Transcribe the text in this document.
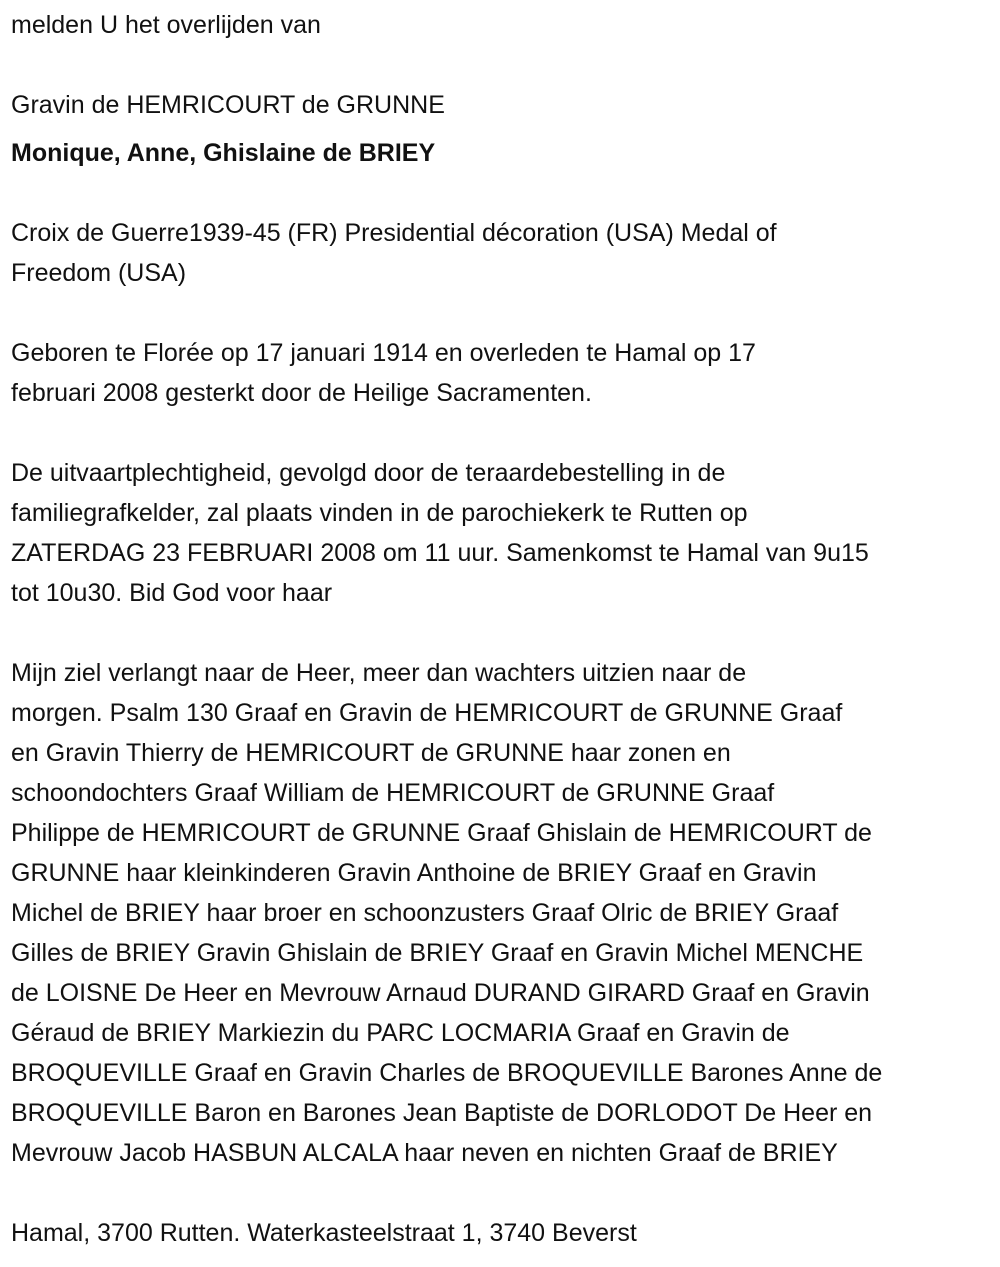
melden U het overlijden van
Gravin de HEMRICOURT de GRUNNE
Monique, Anne, Ghislaine de BRIEY
Croix de Guerre1939-45 (FR) Presidential décoration (USA) Medal of
Freedom (USA)
Geboren te Florée op 17 januari 1914 en overleden te Hamal op 17
februari 2008 gesterkt door de Heilige Sacramenten.
De uitvaartplechtigheid, gevolgd door de teraardebestelling in de
familiegrafkelder, zal plaats vinden in de parochiekerk te Rutten op
ZATERDAG 23 FEBRUARI 2008 om 11 uur. Samenkomst te Hamal van 9u15
tot 10u30. Bid God voor haar
Mijn ziel verlangt naar de Heer, meer dan wachters uitzien naar de
morgen. Psalm 130 Graaf en Gravin de HEMRICOURT de GRUNNE Graaf
en Gravin Thierry de HEMRICOURT de GRUNNE haar zonen en
schoondochters Graaf William de HEMRICOURT de GRUNNE Graaf
Philippe de HEMRICOURT de GRUNNE Graaf Ghislain de HEMRICOURT de
GRUNNE haar kleinkinderen Gravin Anthoine de BRIEY Graaf en Gravin
Michel de BRIEY haar broer en schoonzusters Graaf Olric de BRIEY Graaf
Gilles de BRIEY Gravin Ghislain de BRIEY Graaf en Gravin Michel MENCHE
de LOISNE De Heer en Mevrouw Arnaud DURAND GIRARD Graaf en Gravin
Géraud de BRIEY Markiezin du PARC LOCMARIA Graaf en Gravin de
BROQUEVILLE Graaf en Gravin Charles de BROQUEVILLE Barones Anne de
BROQUEVILLE Baron en Barones Jean Baptiste de DORLODOT De Heer en
Mevrouw Jacob HASBUN ALCALA haar neven en nichten Graaf de BRIEY
Hamal, 3700 Rutten. Waterkasteelstraat 1, 3740 Beverst
